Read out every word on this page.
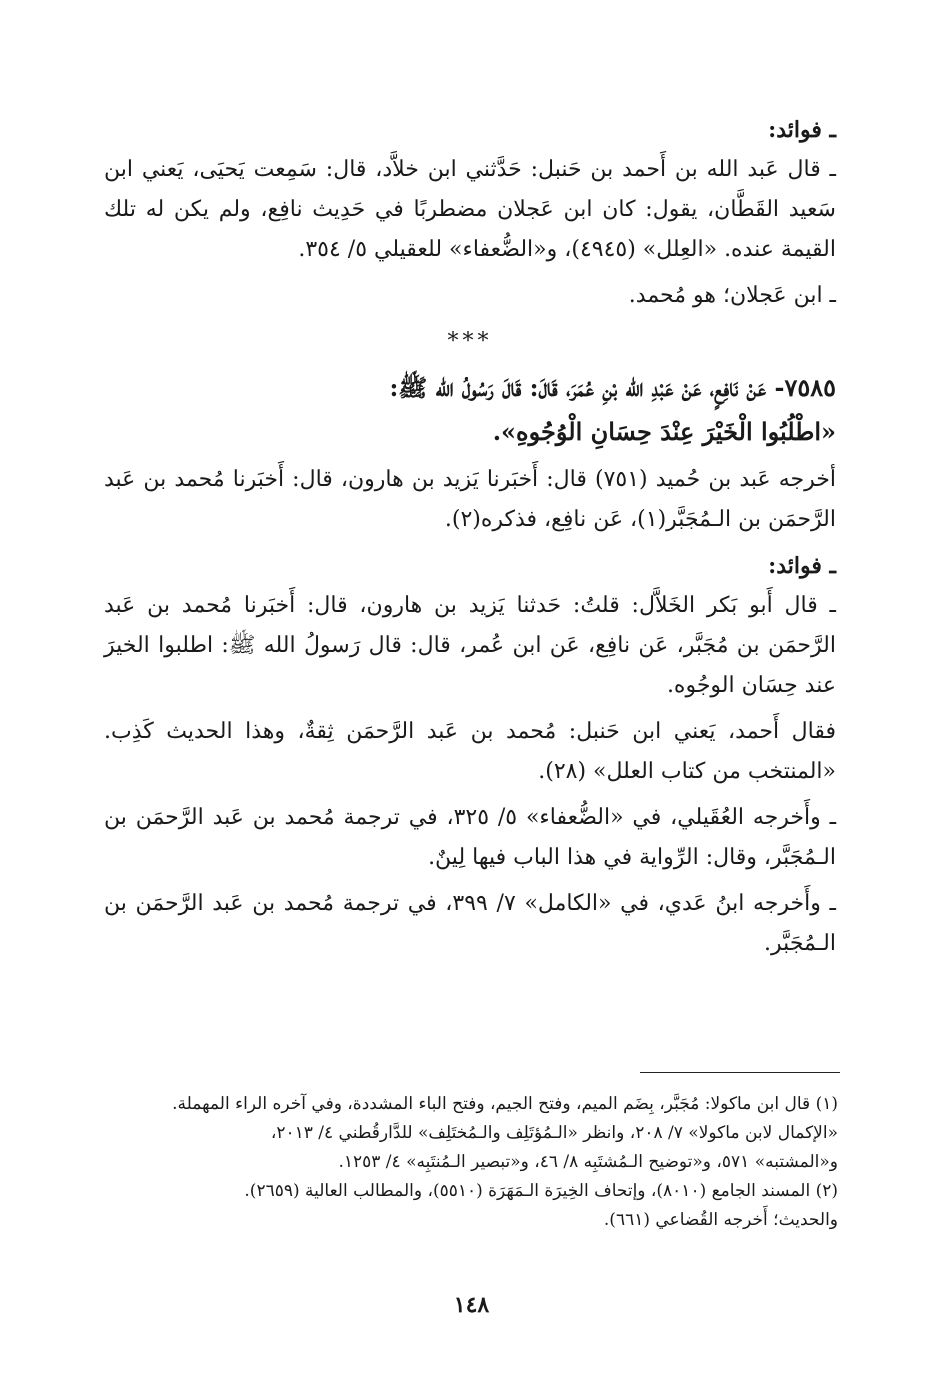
ـ فوائد:

ـ قال عَبد الله بن أَحمد بن حَنبل: حَدَّثني ابن خلاَّد، قال: سَمِعت يَحيَى، يَعني ابن سَعيد القَطَّان، يقول: كان ابن عَجلان مضطربًا في حَدِيث نافِع، ولم يكن له تلك القيمة عنده. «العِلل» (٤٩٤٥)، و«الضُّعفاء» للعقيلي ٥/ ٣٥٤.

ـ ابن عَجلان؛ هو مُحمد.

***

٧٥٨٥- عَنْ نَافِعٍ، عَنْ عَبْدِ الله بْنِ عُمَرَ، قَالَ: قَالَ رَسُولُ الله ﷺ:

«اطْلُبُوا الْخَيْرَ عِنْدَ حِسَانِ الْوُجُوهِ».

أخرجه عَبد بن حُميد (٧٥١) قال: أَخبَرنا يَزيد بن هارون، قال: أَخبَرنا مُحمد بن عَبد الرَّحمَن بن الـمُجَبَّر(١)، عَن نافِع، فذكره(٢).

ـ فوائد:

ـ قال أَبو بَكر الخَلاَّل: قلتُ: حَدثنا يَزيد بن هارون، قال: أَخبَرنا مُحمد بن عَبد الرَّحمَن بن مُجَبَّر، عَن نافِع، عَن ابن عُمر، قال: قال رَسولُ الله ﷺ: اطلبوا الخيرَ عند حِسَان الوجُوه.

فقال أَحمد، يَعني ابن حَنبل: مُحمد بن عَبد الرَّحمَن ثِقةٌ، وهذا الحديث كَذِب. «المنتخب من كتاب العلل» (٢٨).

ـ وأَخرجه العُقَيلي، في «الضُّعفاء» ٥/ ٣٢٥، في ترجمة مُحمد بن عَبد الرَّحمَن بن الـمُجَبَّر، وقال: الرِّواية في هذا الباب فيها لِينٌ.

ـ وأَخرجه ابنُ عَدي، في «الكامل» ٧/ ٣٩٩، في ترجمة مُحمد بن عَبد الرَّحمَن بن الـمُجَبَّر.

(١) قال ابن ماكولا: مُجَبَّر، بِضَم الميم، وفتح الجيم، وفتح الباء المشددة، وفي آخره الراء المهملة.

«الإكمال لابن ماكولا» ٧/ ٢٠٨، وانظر «الـمُؤتَلِف والـمُختَلِف» للدَّارقُطني ٤/ ٢٠١٣،

و«المشتبه» ٥٧١، و«توضيح الـمُشتَبِه ٨/ ٤٦، و«تبصير الـمُنتَبِه» ٤/ ١٢٥٣.

(٢) المسند الجامع (٨٠١٠)، وإتحاف الخِيرَة الـمَهَرَة (٥٥١٠)، والمطالب العالية (٢٦٥٩).

والحديث؛ أَخرجه القُضاعي (٦٦١).

١٤٨
